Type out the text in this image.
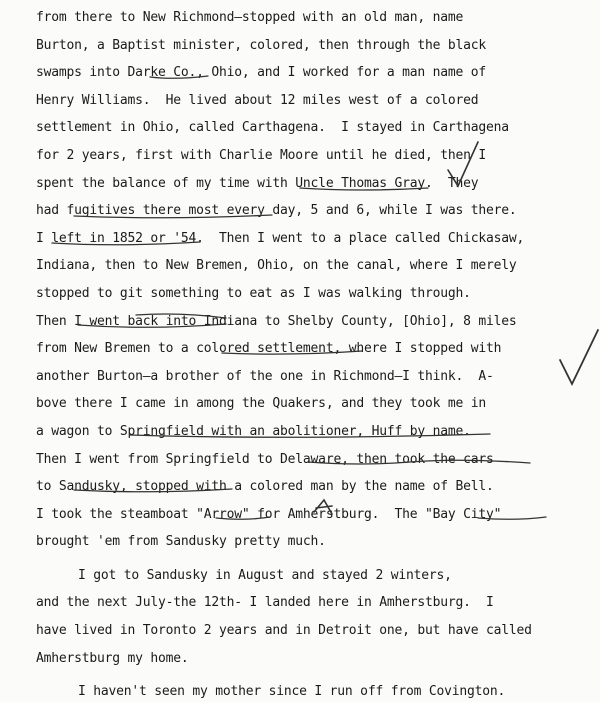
from there to New Richmond—stopped with an old man, name
Burton, a Baptist minister, colored, then through the black
swamps into Darke Co., Ohio, and I worked for a man name of
Henry Williams.  He lived about 12 miles west of a colored
settlement in Ohio, called Carthagena.  I stayed in Carthagena
for 2 years, first with Charlie Moore until he died, then I
spent the balance of my time with Uncle Thomas Gray.  They
had fugitives there most every day, 5 and 6, while I was there.
I left in 1852 or '54.  Then I went to a place called Chickasaw,
Indiana, then to New Bremen, Ohio, on the canal, where I merely
stopped to git something to eat as I was walking through.
Then I went back into Indiana to Shelby County, [Ohio], 8 miles
from New Bremen to a colored settlement, where I stopped with
another Burton—a brother of the one in Richmond—I think.  A-
bove there I came in among the Quakers, and they took me in
a wagon to Springfield with an abolitioner, Huff by name.
Then I went from Springfield to Delaware, then took the cars
to Sandusky, stopped with a colored man by the name of Bell.
I took the steamboat "Arrow" for Amherstburg.  The "Bay City"
brought 'em from Sandusky pretty much.
I got to Sandusky in August and stayed 2 winters,
and the next July-the 12th- I landed here in Amherstburg.  I
have lived in Toronto 2 years and in Detroit one, but have called
Amherstburg my home.
I haven't seen my mother since I run off from Covington.
